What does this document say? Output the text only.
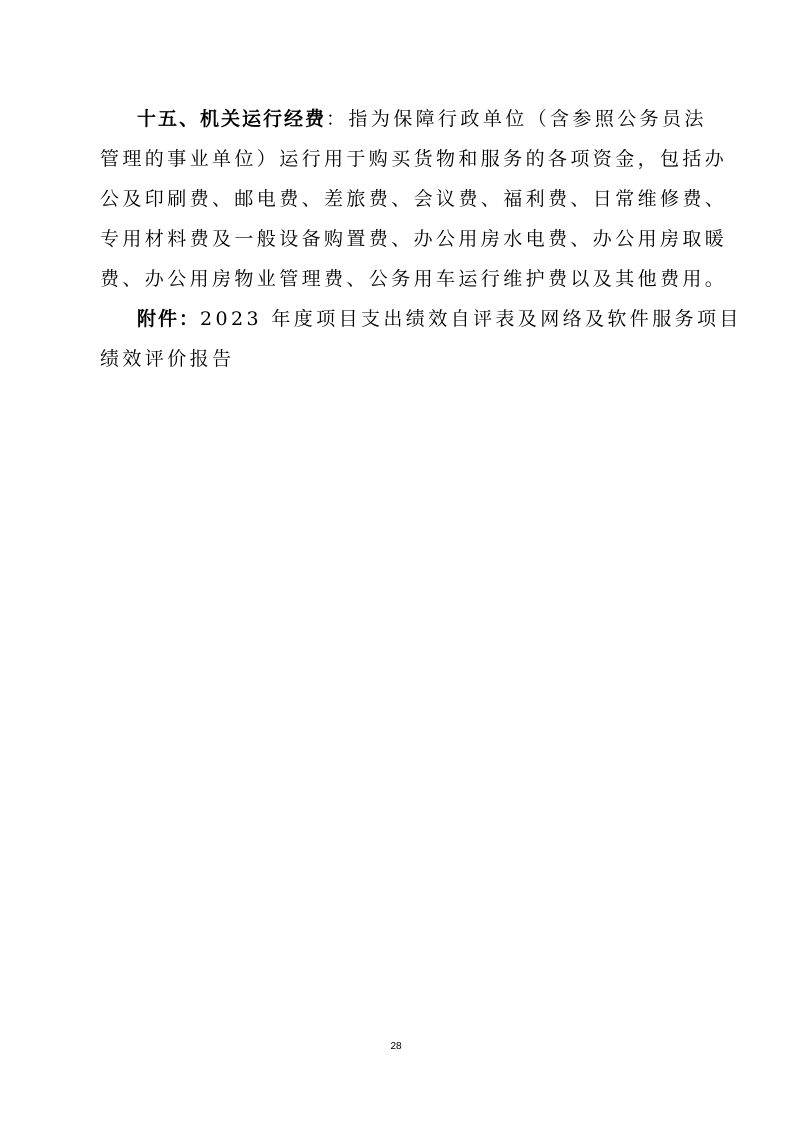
十五、机关运行经费：指为保障行政单位（含参照公务员法
管理的事业单位）运行用于购买货物和服务的各项资金，包括办
公及印刷费、邮电费、差旅费、会议费、福利费、日常维修费、
专用材料费及一般设备购置费、办公用房水电费、办公用房取暖
费、办公用房物业管理费、公务用车运行维护费以及其他费用。
附件：2023 年度项目支出绩效自评表及网络及软件服务项目
绩效评价报告
28
